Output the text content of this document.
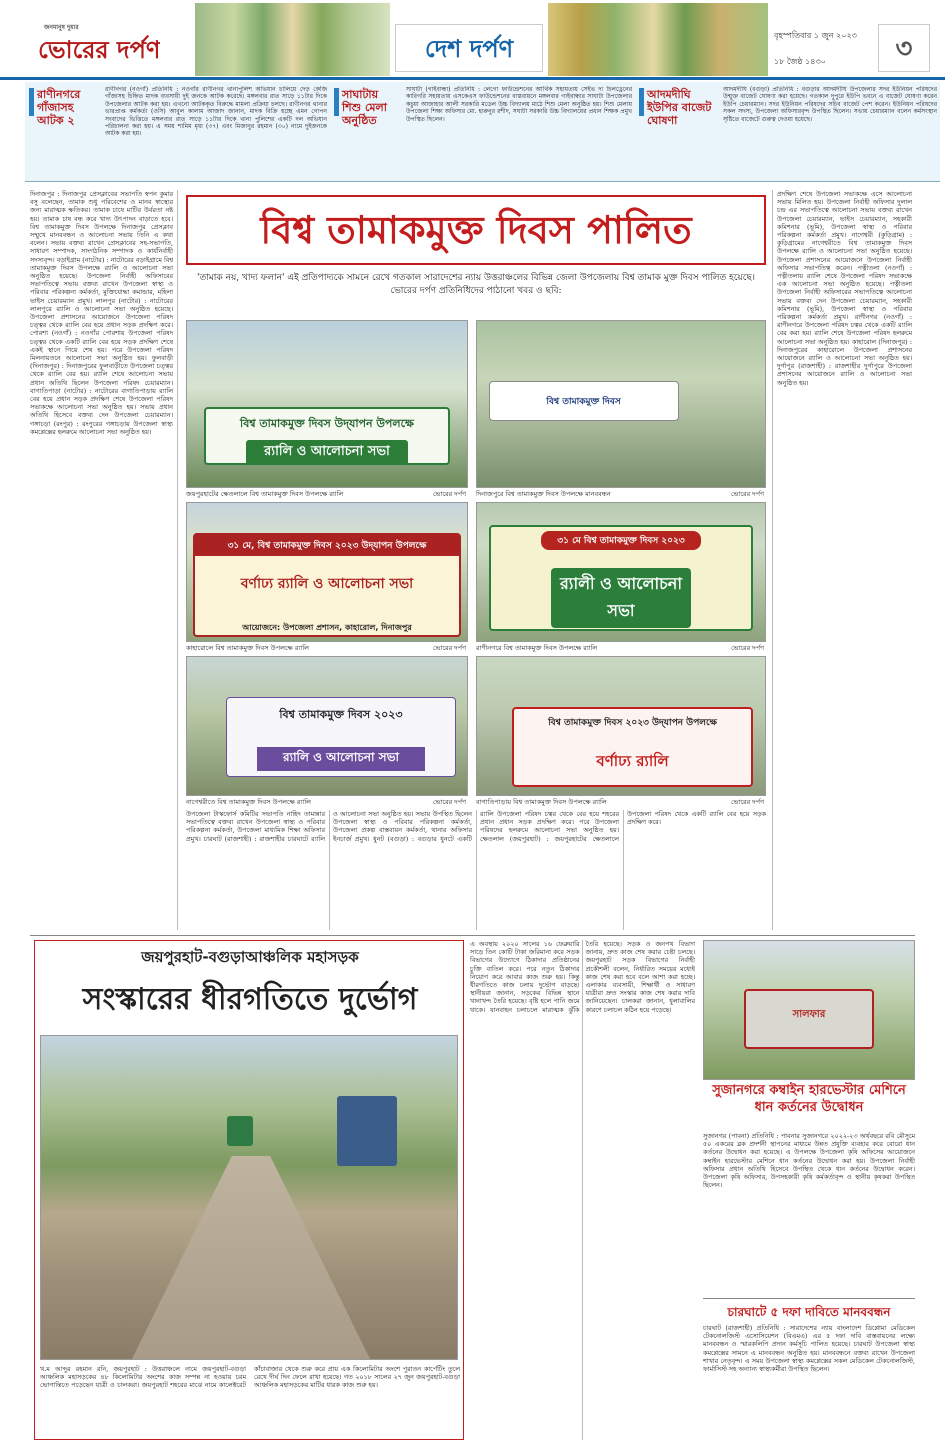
জনমানুষ দুয়ার
ভোরের দর্পণ	দেশ দর্পণ	বৃহস্পতিবার ১ জুন ২০২৩
১৮ জৈষ্ঠ ১৪৩০	৩
রাণীনগরে
গাঁজাসহ
আটক ২
রাণীনগর (নওগাঁ) প্রতিনিধি : নওগাঁর রাণীনগর থানাপুলিশ অভিযান চালিয়ে দেড় কেজি গাঁজাসহ চিহ্নিত মাদক ব্যবসায়ী দুই জনকে আটক করেছে। মঙ্গলবার রাত সাড়ে ১১টার দিকে উপজেলার আটক করা হয়। এখনো আটককৃত বিরুদ্ধে মামলা প্রক্রিয়া চলছে। রাণীনগর থানার ভারপ্রাপ্ত কর্মকর্তা (ওসি) আবুল কালাম আজাদ জানান, মাদক বিক্রি হচ্ছে এমন গোপন সংবাদের ভিত্তিতে মঙ্গলবার রাত সাড়ে ১১টার দিকে থানা পুলিশের একটি দল অভিযান পরিচালনা করা হয়। এ সময় শামিম মৃধা (৩৭) এবং মিজানুর রহমান (৩০) নামে দুইজনকে আটক করা হয়।
সাঘাটায়
শিশু মেলা
অনুষ্ঠিত
সাঘাটা (গাইবান্ধা) প্রতিনিধি : লেগো ফাউন্ডেশনের আর্থিক সহায়তায় সেইভ দ্য চিলড্রেনের কারিগরি সহায়তায় এসকেএস ফাউন্ডেশনের বাস্তবায়নে মঙ্গলবার গাইবান্ধার সাঘাটা উপজেলার কচুয়া আজাহার আলী সরকারি মডেল উচ্চ বিদ্যালয় মাঠে শিশু মেলা অনুষ্ঠিত হয়। শিশু মেলায় উপজেলা শিক্ষা অফিসার মো. হারুনুর রশীদ, সঘাটা সরকারি উচ্চ বিদ্যালয়ের প্রধান শিক্ষক প্রমুখ উপস্থিত ছিলেন।
আদমদীঘি
ইউপির বাজেট
ঘোষণা
আদমদীঘি (বগুড়া) প্রতিনিধি : বগুড়ার আদমদীঘি উপজেলার সদর ইউনিয়ন পরিষদের উন্মুক্ত বাজেট ঘোষণা করা হয়েছে। গতকাল দুপুরে ইউপি ভবনে এ বাজেট ঘোষণা করেন ইউপি চেয়ারম্যান। সদর ইউনিয়ন পরিষদের সচিব বাজেট পেশ করেন। ইউনিয়ন পরিষদের সকল সদস্য, উপজেলা অফিসারবৃন্দ উপস্থিত ছিলেন। সভায় চেয়ারম্যান বলেন কর্মসংস্থান সৃষ্টিতে বাজেটে গুরুত্ব দেওয়া হয়েছে।
দিনাজপুর : দিনাজপুর প্রেসক্লাবের সভাপতি স্বপন কুমার বসু বলেছেন, তামাক শুধু পরিবেশের ও মানব স্বাস্থ্যের জন্য মারাত্মক ক্ষতিকর। তামাক চাষে মাটির উর্বরতা নষ্ট হয়। তামাক চাষ বন্ধ করে খাদ্য উৎপাদন বাড়াতে হবে। বিশ্ব তামাকমুক্ত দিবস উপলক্ষে দিনাজপুর প্রেসক্লাব সম্মুখে মানববন্ধন ও আলোচনা সভায় তিনি এ কথা বলেন। সভায় বক্তব্য রাখেন প্রেসক্লাবের সহ-সভাপতি, সাধারণ সম্পাদক, সাংগঠনিক সম্পাদক ও কার্যনির্বাহী সদস্যবৃন্দ। বড়াইগ্রাম (নাটোর) : নাটোরের বড়াইগ্রামে বিশ্ব তামাকমুক্ত দিবস উপলক্ষে র‌্যালি ও আলোচনা সভা অনুষ্ঠিত হয়েছে। উপজেলা নির্বাহী অফিসারের সভাপতিত্বে সভায় বক্তব্য রাখেন উপজেলা স্বাস্থ্য ও পরিবার পরিকল্পনা কর্মকর্তা, মুক্তিযোদ্ধা কমান্ডার, মহিলা ভাইস চেয়ারম্যান প্রমুখ। লালপুর (নাটোর) : নাটোরের লালপুরে র‌্যালি ও আলোচনা সভা অনুষ্ঠিত হয়েছে। উপজেলা প্রশাসনের আয়োজনে উপজেলা পরিষদ চত্ত্বর থেকে র‌্যালি বের হয়ে প্রধান সড়ক প্রদক্ষিণ করে। পোরশা (নওগাঁ) : নওগাঁর পোরশায় উপজেলা পরিষদ চত্ত্বর থেকে একটি র‌্যালি বের হয়ে সড়ক প্রদক্ষিণ শেষে একই স্থানে গিয়ে শেষ হয়। পরে উপজেলা পরিষদ মিলনায়তনে আলোচনা সভা অনুষ্ঠিত হয়। ফুলবাড়ী (দিনাজপুর) : দিনাজপুরের ফুলবাড়ীতে উপজেলা চত্ত্বর থেকে র‌্যালি বের হয়। র‌্যালি শেষে আলোচনা সভায় প্রধান অতিথি ছিলেন উপজেলা পরিষদ চেয়ারম্যান। বাগাতিপাড়া (নাটোর) : নাটোরের বাগাতিপাড়ায় র‌্যালি বের হয়ে প্রধান সড়ক প্রদক্ষিণ শেষে উপজেলা পরিষদ সভাকক্ষে আলোচনা সভা অনুষ্ঠিত হয়। সভায় প্রধান অতিথি হিসেবে বক্তব্য দেন উপজেলা চেয়ারম্যান। গঙ্গাচড়া (রংপুর) : রংপুরের গঙ্গাচড়ায় উপজেলা স্বাস্থ্য কমপ্লেক্সের হলরুমে আলোচনা সভা অনুষ্ঠিত হয়।
বিশ্ব তামাকমুক্ত দিবস পালিত
'তামাক নয়, খাদ্য ফলান' এই প্রতিপাদ্যকে সামনে রেখে গতকাল সারাদেশের ন্যায় উত্তরাঞ্চলের বিভিন্ন জেলা উপজেলায় বিশ্ব তামাক মুক্ত দিবস পালিত হয়েছে। ভোরের দর্পণ প্রতিনিধিদের পাঠানো খবর ও ছবি:
বিশ্ব তামাকমুক্ত দিবস উদ্‌যাপন উপলক্ষে
র‌্যালি ও আলোচনা সভা
জয়পুরহাটের ক্ষেতলালে বিশ্ব তামাকমুক্ত দিবস উপলক্ষে র‌্যালি	ভোরের দর্পণ
বিশ্ব তামাকমুক্ত দিবস
দিনাজপুরে বিশ্ব তামাকমুক্ত দিবস উপলক্ষে মানববন্ধন	ভোরের দর্পণ
৩১ মে, বিশ্ব তামাকমুক্ত দিবস ২০২৩ উদ্‌যাপন উপলক্ষে
বর্ণাঢ্য র‌্যালি ও আলোচনা সভা
আয়োজনে: উপজেলা প্রশাসন, কাহারোল, দিনাজপুর
কাহারোলে বিশ্ব তামাকমুক্ত দিবস উপলক্ষে র‌্যালি	ভোরের দর্পণ
৩১ মে বিশ্ব তামাকমুক্ত দিবস ২০২৩
র‌্যালী ও আলোচনা সভা
রাণীনগরে বিশ্ব তামাকমুক্ত দিবস উপলক্ষে র‌্যালি	ভোরের দর্পণ
বিশ্ব তামাকমুক্ত দিবস ২০২৩
র‌্যালি ও আলোচনা সভা
নাগেশ্বরীতে বিশ্ব তামাকমুক্ত দিবস উপলক্ষে র‌্যালি	ভোরের দর্পণ
বিশ্ব তামাকমুক্ত দিবস ২০২৩ উদ্‌যাপন উপলক্ষে
বর্ণাঢ্য র‌্যালি
বাগাতিপাড়ায় বিশ্ব তামাকমুক্ত দিবস উপলক্ষে র‌্যালি	ভোরের দর্পণ
উপজেলা টাস্কফোর্স কমিটির সভাপতি নাহিদ তামান্নার সভাপতিত্বে বক্তব্য রাখেন উপজেলা স্বাস্থ্য ও পরিবার পরিকল্পনা কর্মকর্তা, উপজেলা মাধ্যমিক শিক্ষা অফিসার প্রমুখ। চারঘাট (রাজশাহী) : রাজশাহীর চারঘাটে র‌্যালি ও আলোচনা সভা অনুষ্ঠিত হয়। সভায় উপস্থিত ছিলেন উপজেলা স্বাস্থ্য ও পরিবার পরিকল্পনা কর্মকর্তা, উপজেলা প্রকল্প বাস্তবায়ন কর্মকর্তা, থানার অফিসার ইনচার্জ প্রমুখ। ধুনট (বগুড়া) : বগুড়ার ধুনটে একটি র‌্যালি উপজেলা পরিষদ চত্বর থেকে বের হয়ে শহরের প্রধান প্রধান সড়ক প্রদক্ষিণ করে। পরে উপজেলা পরিষদের হলরুমে আলোচনা সভা অনুষ্ঠিত হয়। ক্ষেতলাল (জয়পুরহাট) : জয়পুরহাটের ক্ষেতলালে উপজেলা পরিষদ থেকে একটি র‌্যালি বের হয়ে সড়ক প্রদক্ষিণ করে।
প্রদক্ষিণ শেষে উপজেলা সভাকক্ষে এসে আলোচনা সভায় মিলিত হয়। উপজেলা নির্বাহী অফিসার দুলাল চন্দ্র এর সভাপতিত্বে আলোচনা সভায় বক্তব্য রাখেন উপজেলা চেয়ারম্যান, ভাইস চেয়ারম্যান, সহকারী কমিশনার (ভূমি), উপজেলা স্বাস্থ্য ও পরিবার পরিকল্পনা কর্মকর্তা প্রমুখ। নাগেশ্বরী (কুড়িগ্রাম) : কুড়িগ্রামের নাগেশ্বরীতে বিশ্ব তামাকমুক্ত দিবস উপলক্ষে র‌্যালি ও আলোচনা সভা অনুষ্ঠিত হয়েছে। উপজেলা প্রশাসনের আয়োজনে উপজেলা নির্বাহী অফিসার সভাপতিত্ব করেন। পত্নীতলা (নওগাঁ) : পত্নীতলায় র‌্যালি শেষে উপজেলা পরিষদ সভাকক্ষে এক আলোচনা সভা অনুষ্ঠিত হয়েছে। পত্নীতলা উপজেলা নির্বাহী অফিসারের সভাপতিত্বে আলোচনা সভায় বক্তব্য দেন উপজেলা চেয়ারম্যান, সহকারী কমিশনার (ভূমি), উপজেলা স্বাস্থ্য ও পরিবার পরিকল্পনা কর্মকর্তা প্রমুখ। রাণীনগর (নওগাঁ) : রাণীনগরে উপজেলা পরিষদ চত্বর থেকে একটি র‌্যালি বের করা হয়। র‌্যালি শেষে উপজেলা পরিষদ হলরুমে আলোচনা সভা অনুষ্ঠিত হয়। কাহারোল (দিনাজপুর) : দিনাজপুরের কাহারোলে উপজেলা প্রশাসনের আয়োজনে র‌্যালি ও আলোচনা সভা অনুষ্ঠিত হয়। দুর্গাপুর (রাজশাহী) : রাজশাহীর দুর্গাপুরে উপজেলা প্রশাসনের আয়োজনে র‌্যালি ও আলোচনা সভা অনুষ্ঠিত হয়।
জয়পুরহাট-বগুড়াআঞ্চলিক মহাসড়ক
সংস্কারের ধীরগতিতে দুর্ভোগ
খ.ম আব্দুর রহমান রনি, জয়পুরহাট : উত্তরাঞ্চলে নামে জয়পুরহাট-বগুড়া আঞ্চলিক মহাসড়কের ৪৮ কিলোমিটার অংশের কাজ সম্পন্ন না হওয়ায় চরম ভোগান্তিতে পড়েছেন যাত্রী ও চালকরা। জয়পুরহাট শহরের মাঝে নামে কালেক্টরেট কাঁচাবাজার থেকে শুরু করে প্রায় এক কিলোমিটার অংশে পুরাতন কার্পেটিং তুলে রেখে দীর্ঘ দিন ফেলে রাখা হয়েছে। গত ২০১৮ সালের ২৭ জুন জয়পুরহাট-বগুড়া আঞ্চলিক মহাসড়কের মাটির ধারক কাজ শুরু হয়।
এ অবস্থায় ২০২০ সালের ১৬ ফেব্রুয়ারি সাড়ে তিন কোটি টাকা জরিমানা করে সড়ক বিভাগের উদ্যোগে ঠিকাদার প্রতিষ্ঠানের চুক্তি বাতিল করে। পরে নতুন ঠিকাদার নিয়োগ করে আবার কাজ শুরু হয়। কিন্তু ধীরগতিতে কাজ চলায় দুর্ভোগ বাড়ছে। স্থানীয়রা জানান, সড়কের বিভিন্ন স্থানে খানাখন্দ তৈরি হয়েছে। বৃষ্টি হলে পানি জমে থাকে। যানবাহন চলাচলে মারাত্মক ঝুঁকি তৈরি হয়েছে। সড়ক ও জনপথ বিভাগ জানায়, দ্রুত কাজ শেষ করার চেষ্টা চলছে। জয়পুরহাট সড়ক বিভাগের নির্বাহী প্রকৌশলী বলেন, নির্ধারিত সময়ের মধ্যেই কাজ শেষ করা হবে বলে আশা করা হচ্ছে। এলাকার ব্যবসায়ী, শিক্ষার্থী ও সাধারণ যাত্রীরা দ্রুত সংস্কার কাজ শেষ করার দাবি জানিয়েছেন। চালকরা জানান, ধুলাবালির কারণে চলাচল কঠিন হয়ে পড়েছে।	সালফার
সুজানগরে কম্বাইন হারভেস্টার মেশিনে ধান কর্তনের উদ্বোধন
সুজানগর (পাবনা) প্রতিনিধি : পাবনার সুজানগরে ২০২২-২৩ অর্থবছরে রবি মৌসুমে ৫০ একরের ব্লক প্রদর্শনী স্থাপনের মাধ্যমে উন্নত প্রযুক্তি ব্যবহার করে বোরো ধান কর্তনের উদ্বোধন করা হয়েছে। এ উপলক্ষে উপজেলা কৃষি অফিসের আয়োজনে কম্বাইন হারভেস্টার মেশিনে ধান কর্তনের উদ্বোধন করা হয়। উপজেলা নির্বাহী অফিসার প্রধান অতিথি হিসেবে উপস্থিত থেকে ধান কর্তনের উদ্বোধন করেন। উপজেলা কৃষি অফিসার, উপসহকারী কৃষি কর্মকর্তাবৃন্দ ও স্থানীয় কৃষকরা উপস্থিত ছিলেন।
চারঘাটে ৫ দফা দাবিতে মানববন্ধন
চারঘাট (রাজশাহী) প্রতিনিধি : সারাদেশের ন্যায় বাংলাদেশ ডিপ্লোমা মেডিকেল টেকনোলজিস্ট এসোসিয়েশন (বিএমএ) এর ৫ দফা দাবি বাস্তবায়নের লক্ষ্যে মানববন্ধন ও স্মারকলিপি প্রদান কর্মসূচি পালিত হয়েছে। চারঘাট উপজেলা স্বাস্থ্য কমপ্লেক্সের সামনে এ মানববন্ধন অনুষ্ঠিত হয়। মানববন্ধনে বক্তব্য রাখেন উপজেলা শাখার নেতৃবৃন্দ। এ সময় উপজেলা স্বাস্থ্য কমপ্লেক্সের সকল মেডিকেল টেকনোলজিস্ট, ফার্মাসিস্ট সহ অন্যান্য স্বাস্থ্যকর্মীরা উপস্থিত ছিলেন।
